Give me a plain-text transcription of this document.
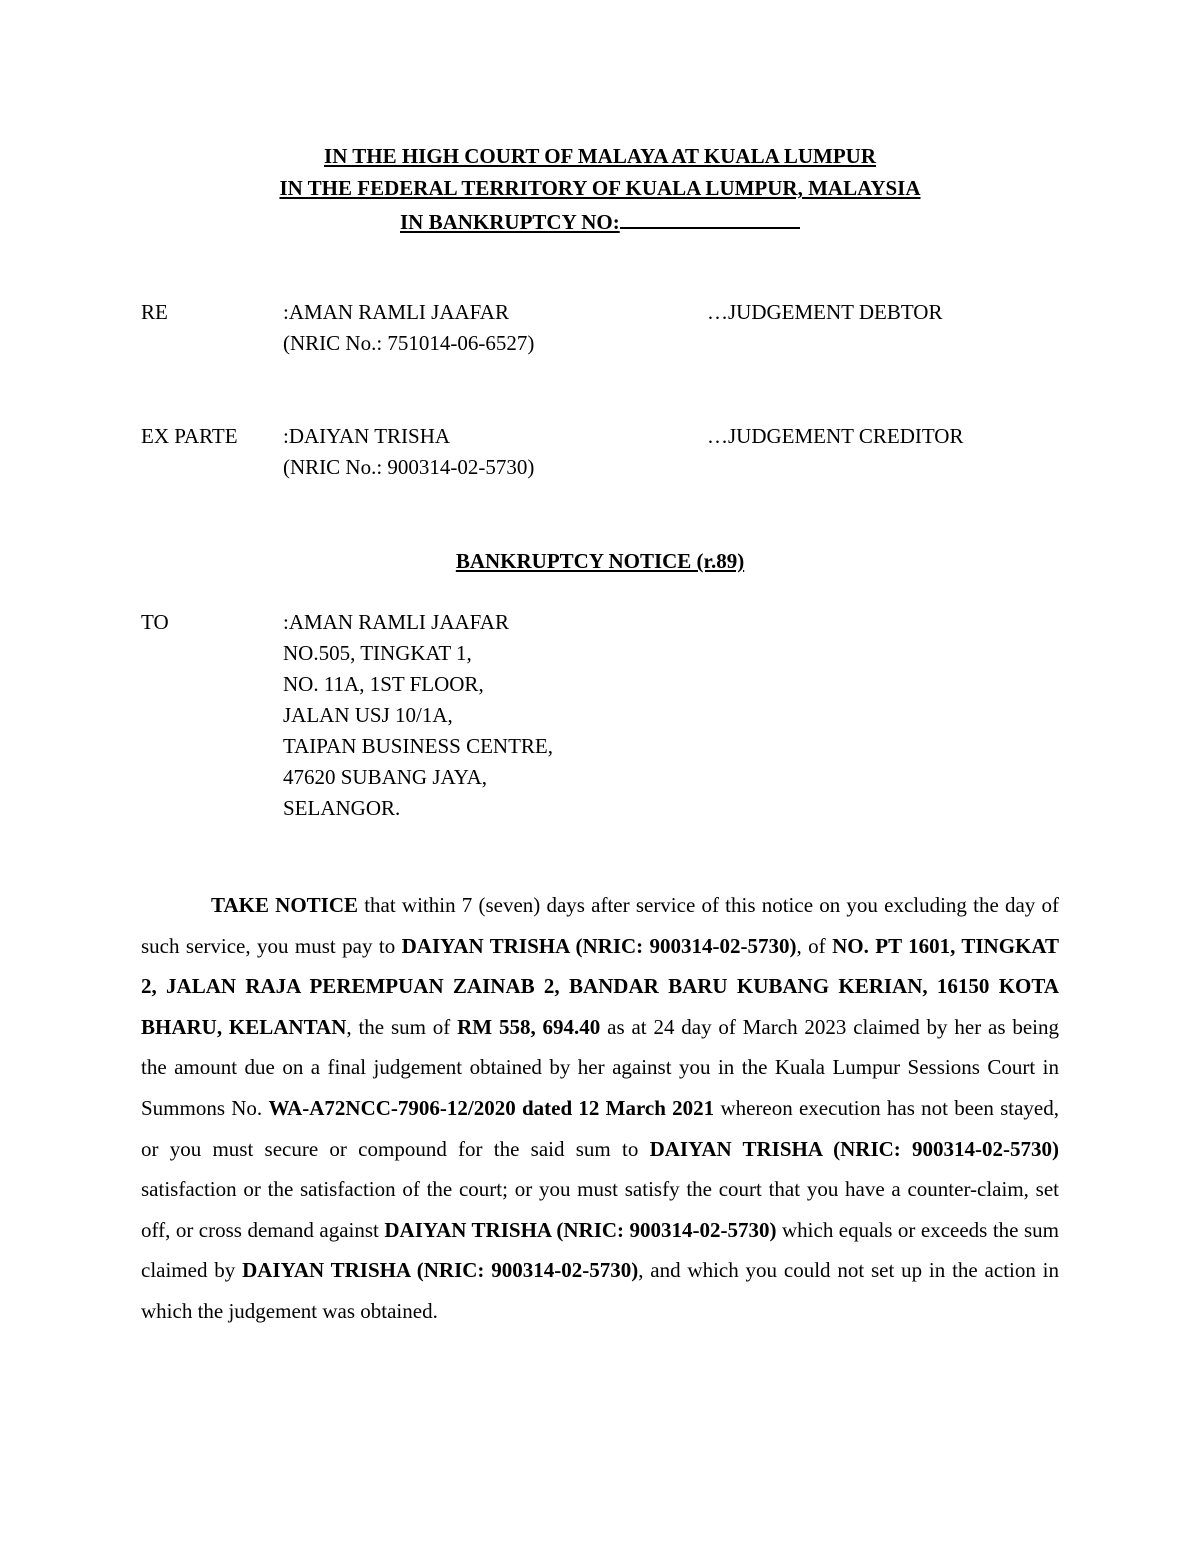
IN THE HIGH COURT OF MALAYA AT KUALA LUMPUR
IN THE FEDERAL TERRITORY OF KUALA LUMPUR, MALAYSIA
IN BANKRUPTCY NO:
RE	:AMAN RAMLI JAAFAR	…JUDGEMENT DEBTOR
(NRIC No.: 751014-06-6527)
EX PARTE :DAIYAN TRISHA	…JUDGEMENT CREDITOR
(NRIC No.: 900314-02-5730)
BANKRUPTCY NOTICE (r.89)
TO	:AMAN RAMLI JAAFAR
NO.505, TINGKAT 1,
NO. 11A, 1ST FLOOR,
JALAN USJ 10/1A,
TAIPAN BUSINESS CENTRE,
47620 SUBANG JAYA,
SELANGOR.

TAKE NOTICE that within 7 (seven) days after service of this notice on you excluding the day of such service, you must pay to DAIYAN TRISHA (NRIC: 900314-02-5730), of NO. PT 1601, TINGKAT 2, JALAN RAJA PEREMPUAN ZAINAB 2, BANDAR BARU KUBANG KERIAN, 16150 KOTA BHARU, KELANTAN, the sum of RM 558, 694.40 as at 24 day of March 2023 claimed by her as being the amount due on a final judgement obtained by her against you in the Kuala Lumpur Sessions Court in Summons No. WA-A72NCC-7906-12/2020 dated 12 March 2021 whereon execution has not been stayed, or you must secure or compound for the said sum to DAIYAN TRISHA (NRIC: 900314-02-5730) satisfaction or the satisfaction of the court; or you must satisfy the court that you have a counter-claim, set off, or cross demand against DAIYAN TRISHA (NRIC: 900314-02-5730) which equals or exceeds the sum claimed by DAIYAN TRISHA (NRIC: 900314-02-5730), and which you could not set up in the action in which the judgement was obtained.
